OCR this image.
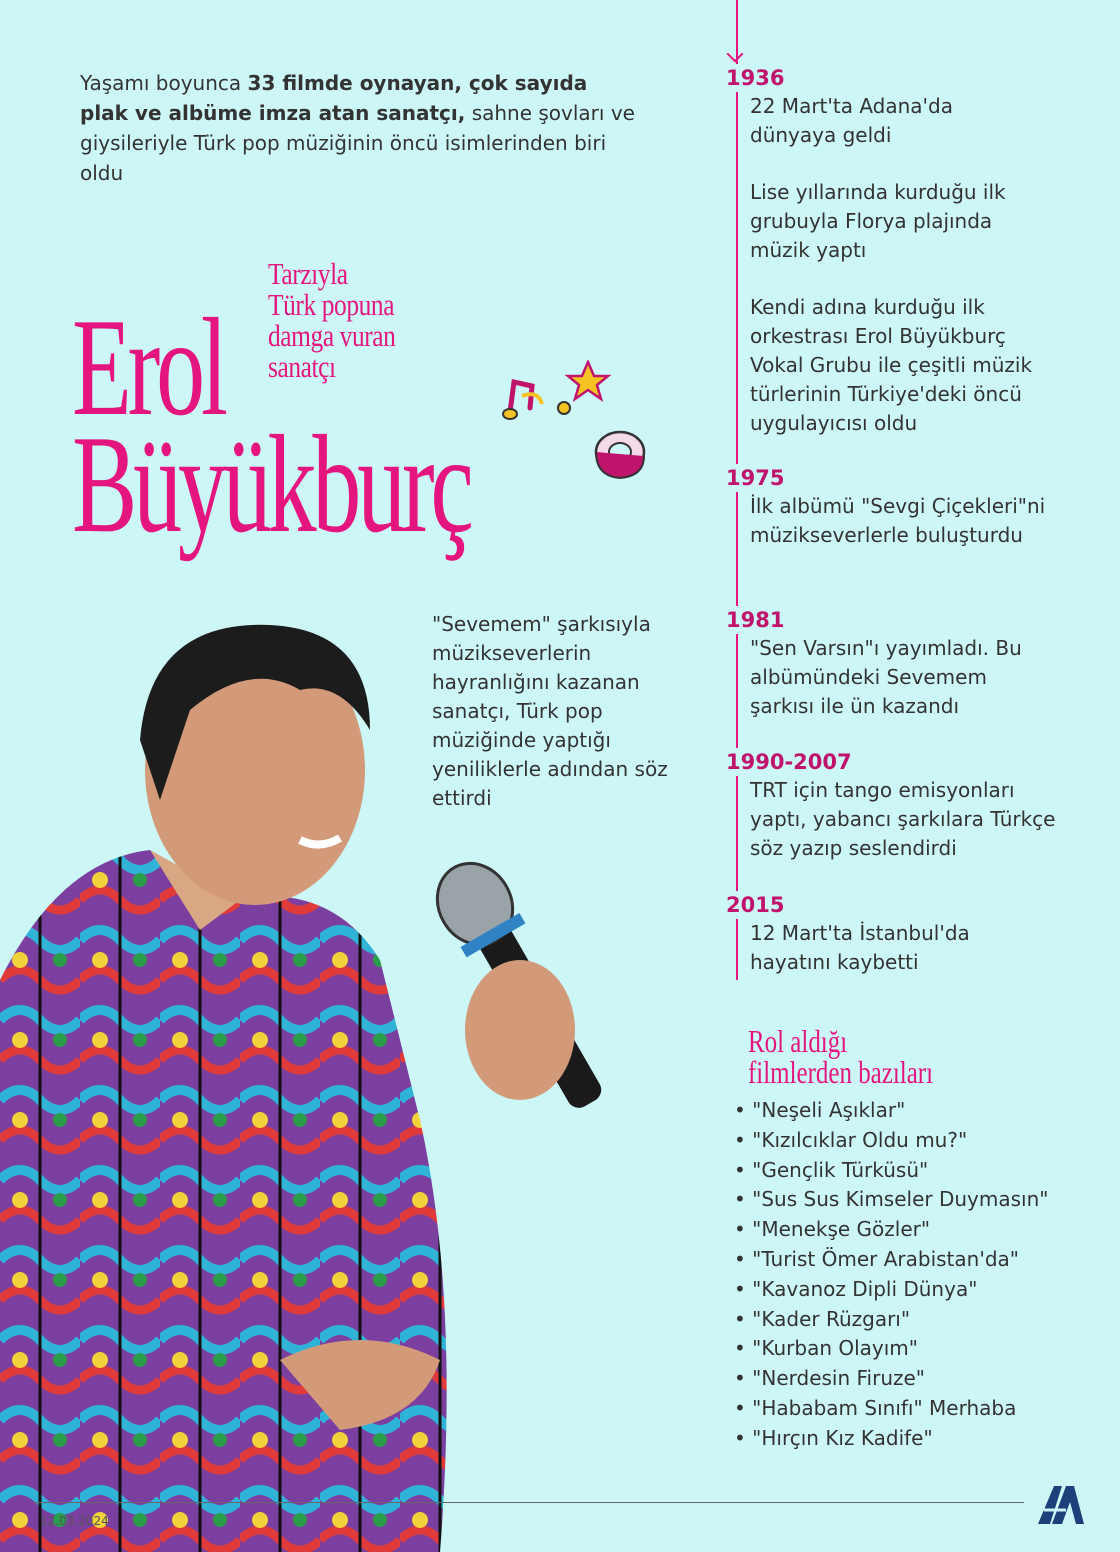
Yaşamı boyunca 33 filmde oynayan, çok sayıda plak ve albüme imza atan sanatçı, sahne şovları ve giysileriyle Türk pop müziğinin öncü isimlerinden biri oldu
Tarzıyla
Türk popuna
damga vuran
sanatçı
Erol
Büyükburç
"Sevemem" şarkısıyla müzikseverlerin hayranlığını kazanan sanatçı, Türk pop müziğinde yaptığı yeniliklerle adından söz ettirdi
1936

22 Mart'ta Adana'da dünyaya geldi

Lise yıllarında kurduğu ilk grubuyla Florya plajında müzik yaptı

Kendi adına kurduğu ilk orkestrası Erol Büyükburç Vokal Grubu ile çeşitli müzik türlerinin Türkiye'deki öncü uygulayıcısı oldu

1975

İlk albümü "Sevgi Çiçekleri"ni müzikseverlerle buluşturdu

1981

"Sen Varsın"ı yayımladı. Bu albümündeki Sevemem şarkısı ile ün kazandı

1990-2007

TRT için tango emisyonları yaptı, yabancı şarkılara Türkçe söz yazıp seslendirdi

2015

12 Mart'ta İstanbul'da hayatını kaybetti

Rol aldığı
filmlerden bazıları
• "Neşeli Aşıklar"
• "Kızılcıklar Oldu mu?"
• "Gençlik Türküsü"
• "Sus Sus Kimseler Duymasın"
• "Menekşe Gözler"
• "Turist Ömer Arabistan'da"
• "Kavanoz Dipli Dünya"
• "Kader Rüzgarı"
• "Kurban Olayım"
• "Nerdesin Firuze"
• "Hababam Sınıfı" Merhaba
• "Hırçın Kız Kadife"
12.03.2024
